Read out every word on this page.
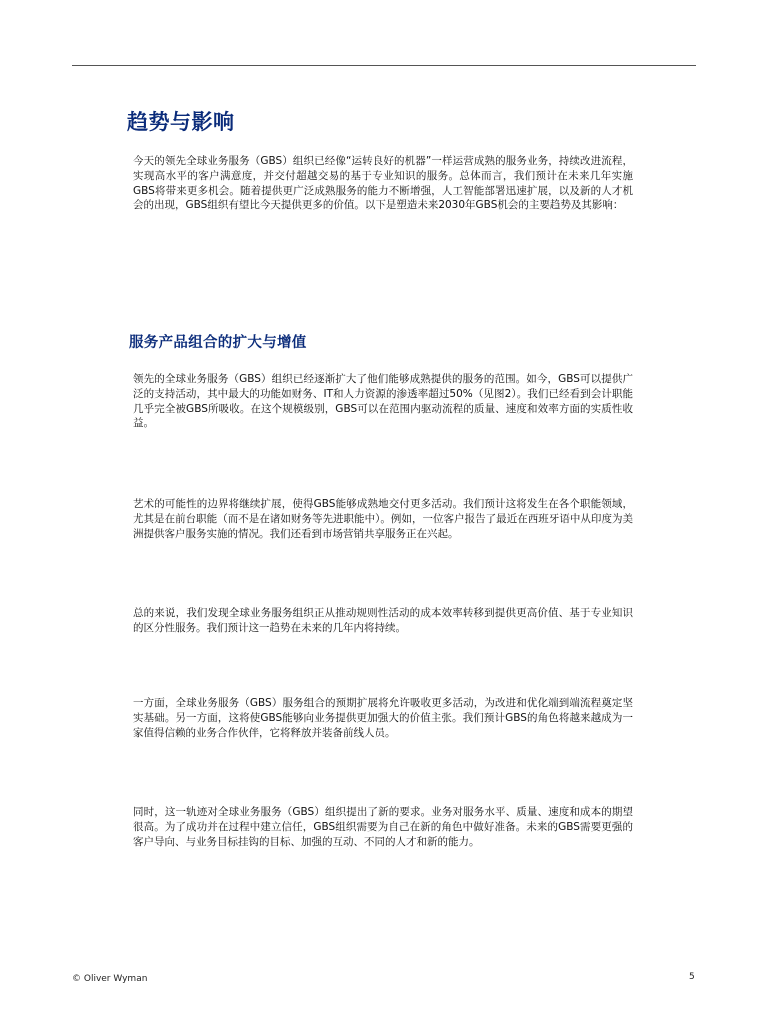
趋势与影响

今天的领先全球业务服务（GBS）组织已经像“运转良好的机器”一样运营成熟的服务业务，持续改进流程，实现高水平的客户满意度，并交付超越交易的基于专业知识的服务。总体而言，我们预计在未来几年实施GBS将带来更多机会。随着提供更广泛成熟服务的能力不断增强，人工智能部署迅速扩展，以及新的人才机会的出现，GBS组织有望比今天提供更多的价值。以下是塑造未来2030年GBS机会的主要趋势及其影响：

服务产品组合的扩大与增值

领先的全球业务服务（GBS）组织已经逐渐扩大了他们能够成熟提供的服务的范围。如今，GBS可以提供广泛的支持活动，其中最大的功能如财务、IT和人力资源的渗透率超过50%（见图2）。我们已经看到会计职能几乎完全被GBS所吸收。在这个规模级别，GBS可以在范围内驱动流程的质量、速度和效率方面的实质性收益。

艺术的可能性的边界将继续扩展，使得GBS能够成熟地交付更多活动。我们预计这将发生在各个职能领域，尤其是在前台职能（而不是在诸如财务等先进职能中）。例如，一位客户报告了最近在西班牙语中从印度为美洲提供客户服务实施的情况。我们还看到市场营销共享服务正在兴起。

总的来说，我们发现全球业务服务组织正从推动规则性活动的成本效率转移到提供更高价值、基于专业知识的区分性服务。我们预计这一趋势在未来的几年内将持续。

一方面，全球业务服务（GBS）服务组合的预期扩展将允许吸收更多活动，为改进和优化端到端流程奠定坚实基础。另一方面，这将使GBS能够向业务提供更加强大的价值主张。我们预计GBS的角色将越来越成为一家值得信赖的业务合作伙伴，它将释放并装备前线人员。

同时，这一轨迹对全球业务服务（GBS）组织提出了新的要求。业务对服务水平、质量、速度和成本的期望很高。为了成功并在过程中建立信任，GBS组织需要为自己在新的角色中做好准备。未来的GBS需要更强的客户导向、与业务目标挂钩的目标、加强的互动、不同的人才和新的能力。

© Oliver Wyman	5
